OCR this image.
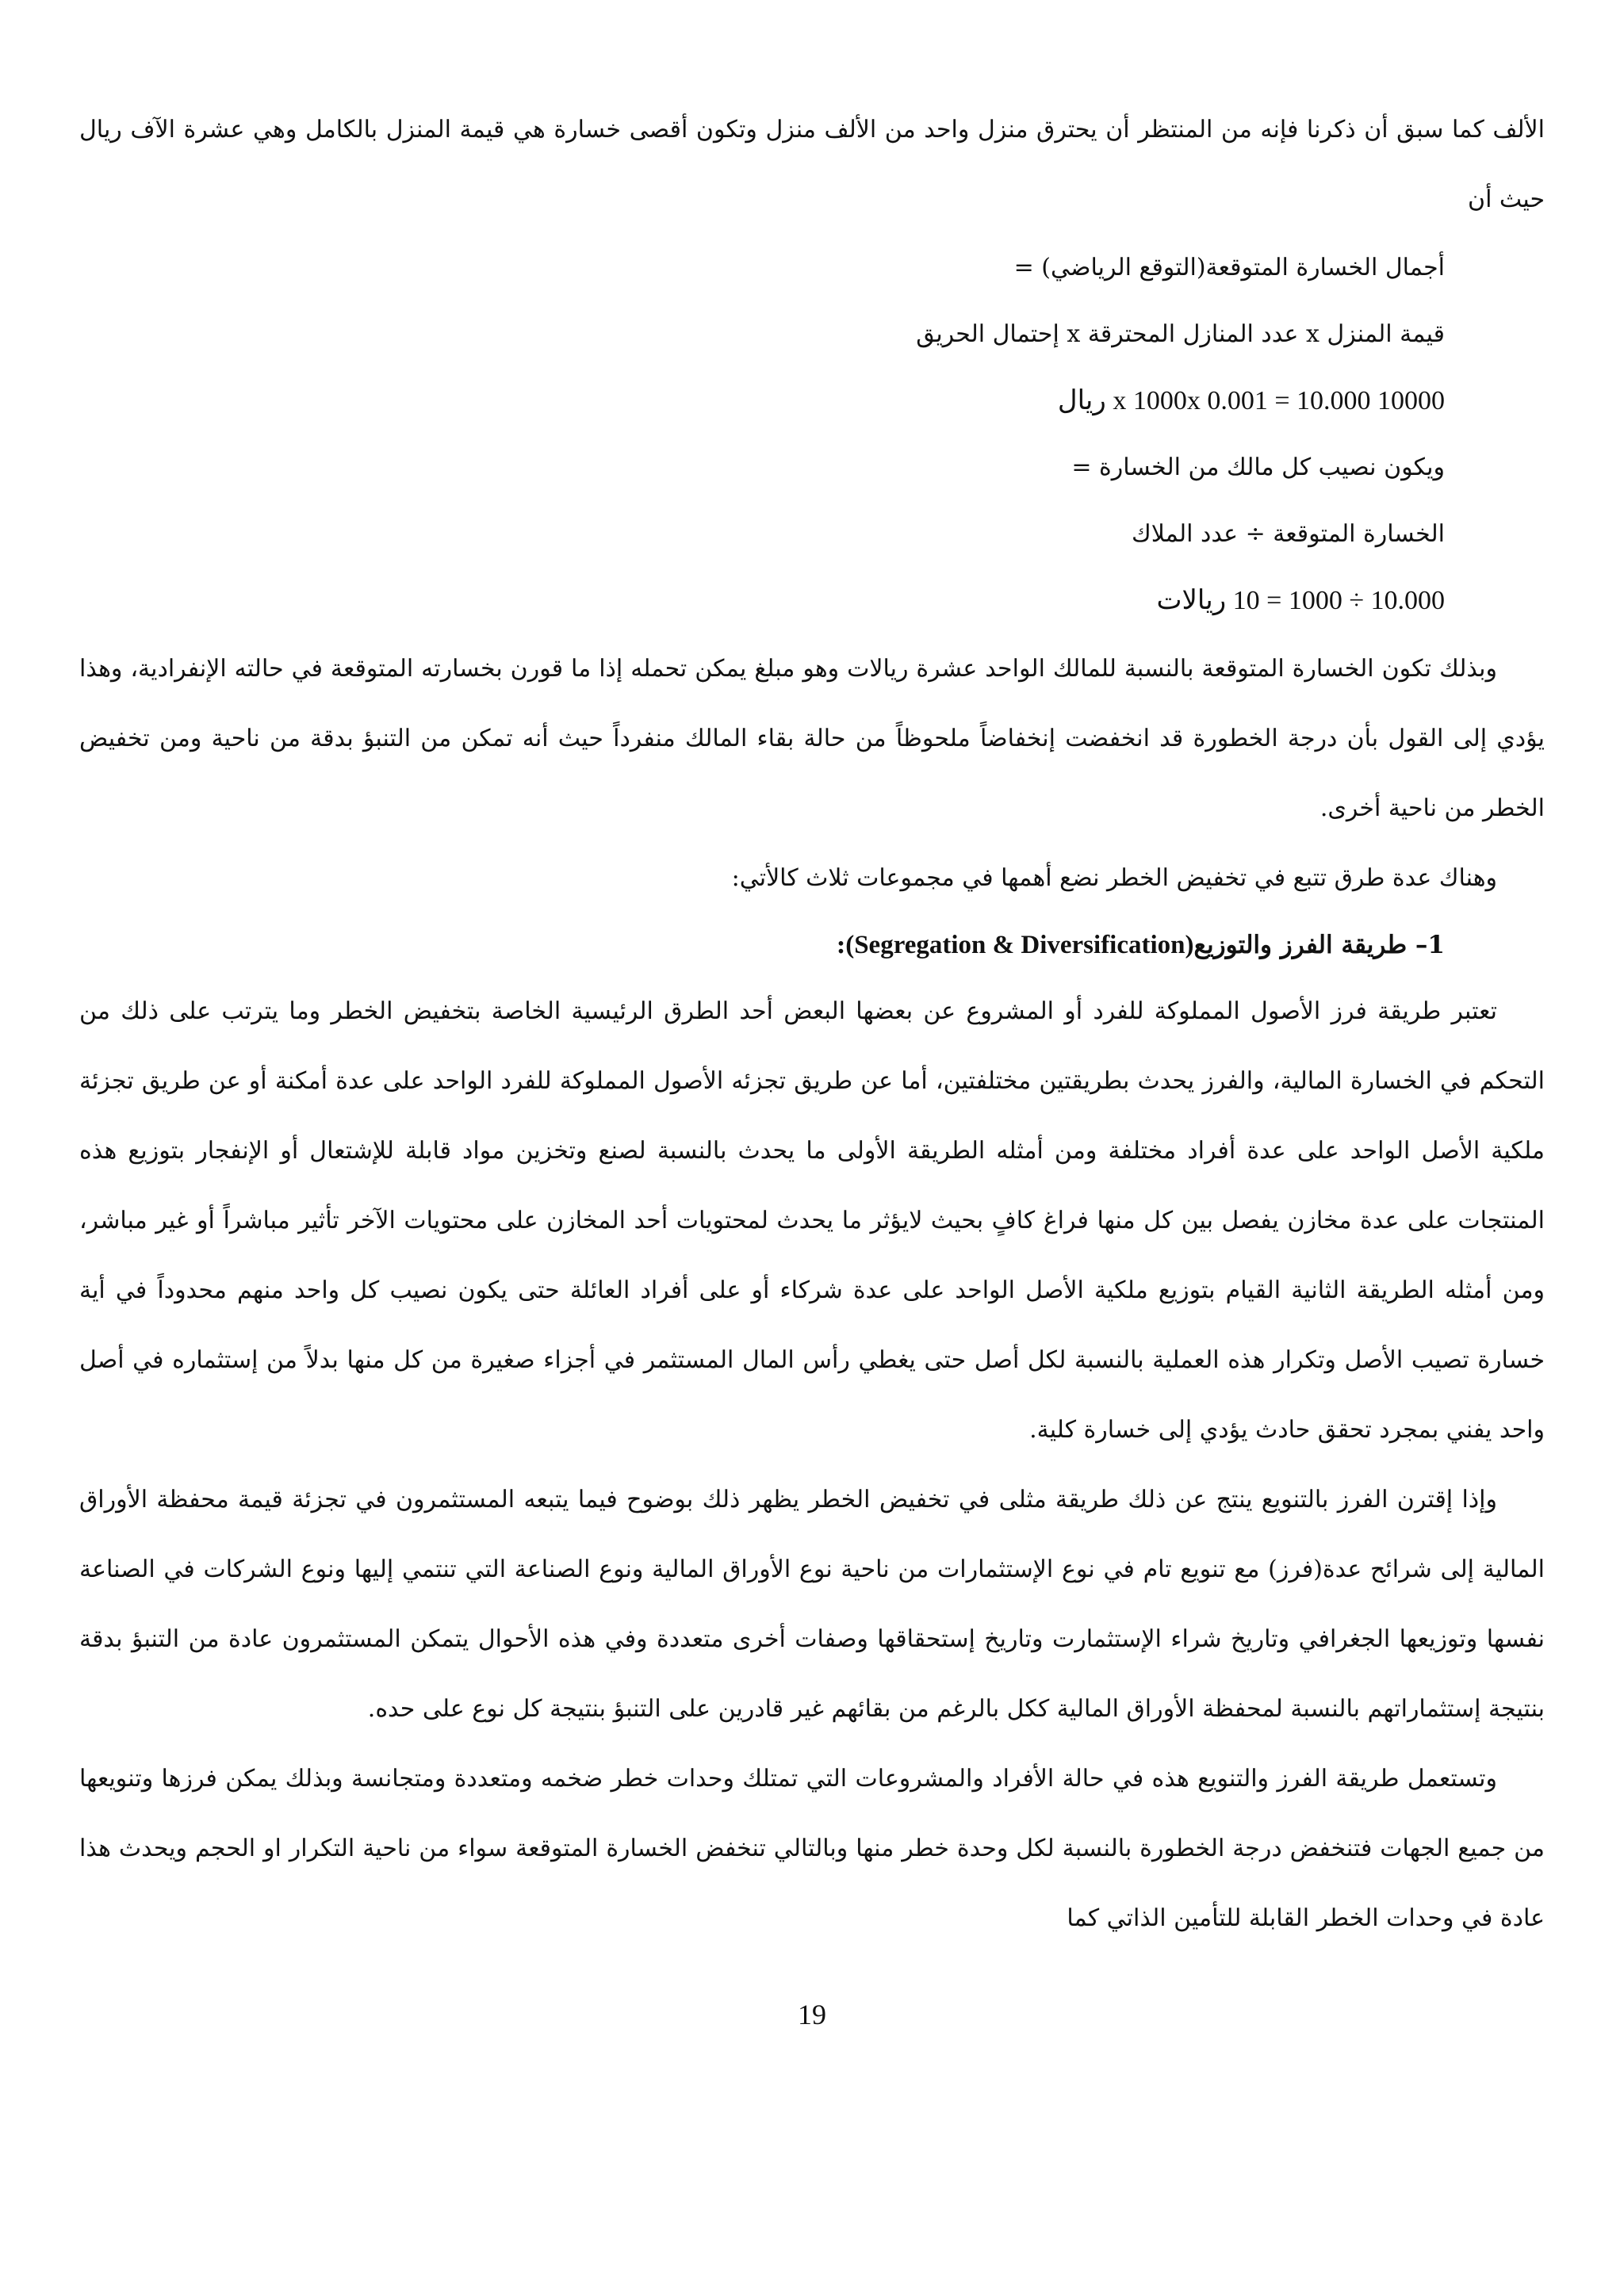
الألف كما سبق أن ذكرنا فإنه من المنتظر أن يحترق منزل واحد من الألف منزل وتكون أقصى خسارة هي قيمة المنزل بالكامل وهي عشرة الآف ريال حيث أن

أجمال الخسارة المتوقعة(التوقع الرياضي) =

قيمة المنزل x عدد المنازل المحترقة x إحتمال الحريق

10000 x 1000x 0.001 = 10.000 ريال

ويكون نصيب كل مالك من الخسارة =

الخسارة المتوقعة ÷ عدد الملاك

10.000 ÷ 1000 = 10 ريالات

وبذلك تكون الخسارة المتوقعة بالنسبة للمالك الواحد عشرة ريالات وهو مبلغ يمكن تحمله إذا ما قورن بخسارته المتوقعة في حالته الإنفرادية، وهذا يؤدي إلى القول بأن درجة الخطورة قد انخفضت إنخفاضاً ملحوظاً من حالة بقاء المالك منفرداً حيث أنه تمكن من التنبؤ بدقة من ناحية ومن تخفيض الخطر من ناحية أخرى.

وهناك عدة طرق تتبع في تخفيض الخطر نضع أهمها في مجموعات ثلاث كالأتي:

1– طريقة الفرز والتوزيع(Segregation & Diversification):

تعتبر طريقة فرز الأصول المملوكة للفرد أو المشروع عن بعضها البعض أحد الطرق الرئيسية الخاصة بتخفيض الخطر وما يترتب على ذلك من التحكم في الخسارة المالية، والفرز يحدث بطريقتين مختلفتين، أما عن طريق تجزئه الأصول المملوكة للفرد الواحد على عدة أمكنة أو عن طريق تجزئة ملكية الأصل الواحد على عدة أفراد مختلفة ومن أمثله الطريقة الأولى ما يحدث بالنسبة لصنع وتخزين مواد قابلة للإشتعال أو الإنفجار بتوزيع هذه المنتجات على عدة مخازن يفصل بين كل منها فراغ كافٍ بحيث لايؤثر ما يحدث لمحتويات أحد المخازن على محتويات الآخر تأثير مباشراً أو غير مباشر، ومن أمثله الطريقة الثانية القيام بتوزيع ملكية الأصل الواحد على عدة شركاء أو على أفراد العائلة حتى يكون نصيب كل واحد منهم محدوداً في أية خسارة تصيب الأصل وتكرار هذه العملية بالنسبة لكل أصل حتى يغطي رأس المال المستثمر في أجزاء صغيرة من كل منها بدلاً من إستثماره في أصل واحد يفني بمجرد تحقق حادث يؤدي إلى خسارة كلية.

وإذا إقترن الفرز بالتنويع ينتج عن ذلك طريقة مثلى في تخفيض الخطر يظهر ذلك بوضوح فيما يتبعه المستثمرون في تجزئة قيمة محفظة الأوراق المالية إلى شرائح عدة(فرز) مع تنويع تام في نوع الإستثمارات من ناحية نوع الأوراق المالية ونوع الصناعة التي تنتمي إليها ونوع الشركات في الصناعة نفسها وتوزيعها الجغرافي وتاريخ شراء الإستثمارت وتاريخ إستحقاقها وصفات أخرى متعددة وفي هذه الأحوال يتمكن المستثمرون عادة من التنبؤ بدقة بنتيجة إستثماراتهم بالنسبة لمحفظة الأوراق المالية ككل بالرغم من بقائهم غير قادرين على التنبؤ بنتيجة كل نوع على حده.

وتستعمل طريقة الفرز والتنويع هذه في حالة الأفراد والمشروعات التي تمتلك وحدات خطر ضخمه ومتعددة ومتجانسة وبذلك يمكن فرزها وتنويعها من جميع الجهات فتنخفض درجة الخطورة بالنسبة لكل وحدة خطر منها وبالتالي تنخفض الخسارة المتوقعة سواء من ناحية التكرار او الحجم ويحدث هذا عادة في وحدات الخطر القابلة للتأمين الذاتي كما

19
